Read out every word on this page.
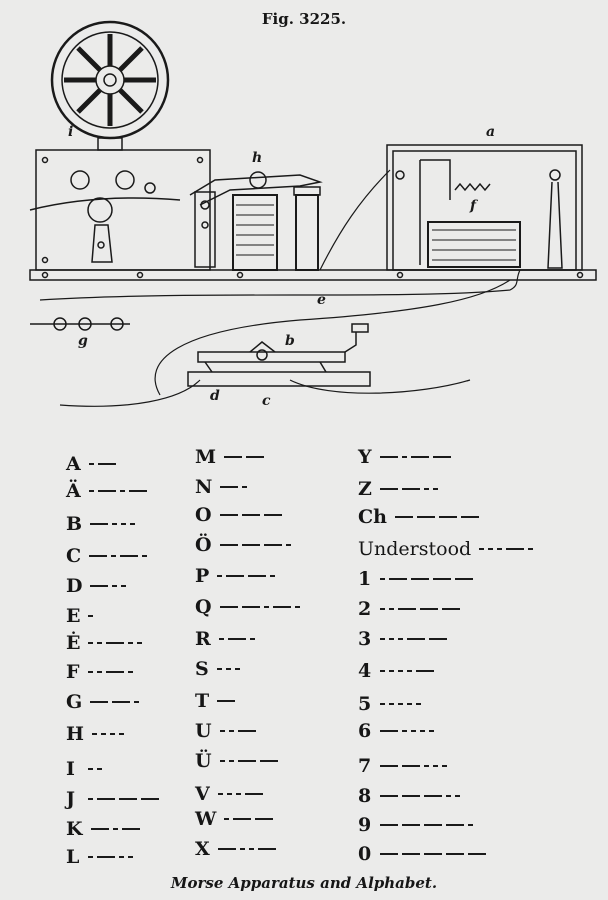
Fig. 3225.
i
h
a
f
e
g	b
d	c
A
Ä
B
C
D
E
Ė
F
G
H
I
J
K
L
M
N
O
Ö
P
Q
R
S
T
U
Ü
V
W
X
Y
Z
Ch
Understood
1
2
3
4
5
6
7
8
9
0
Morse Apparatus and Alphabet.
